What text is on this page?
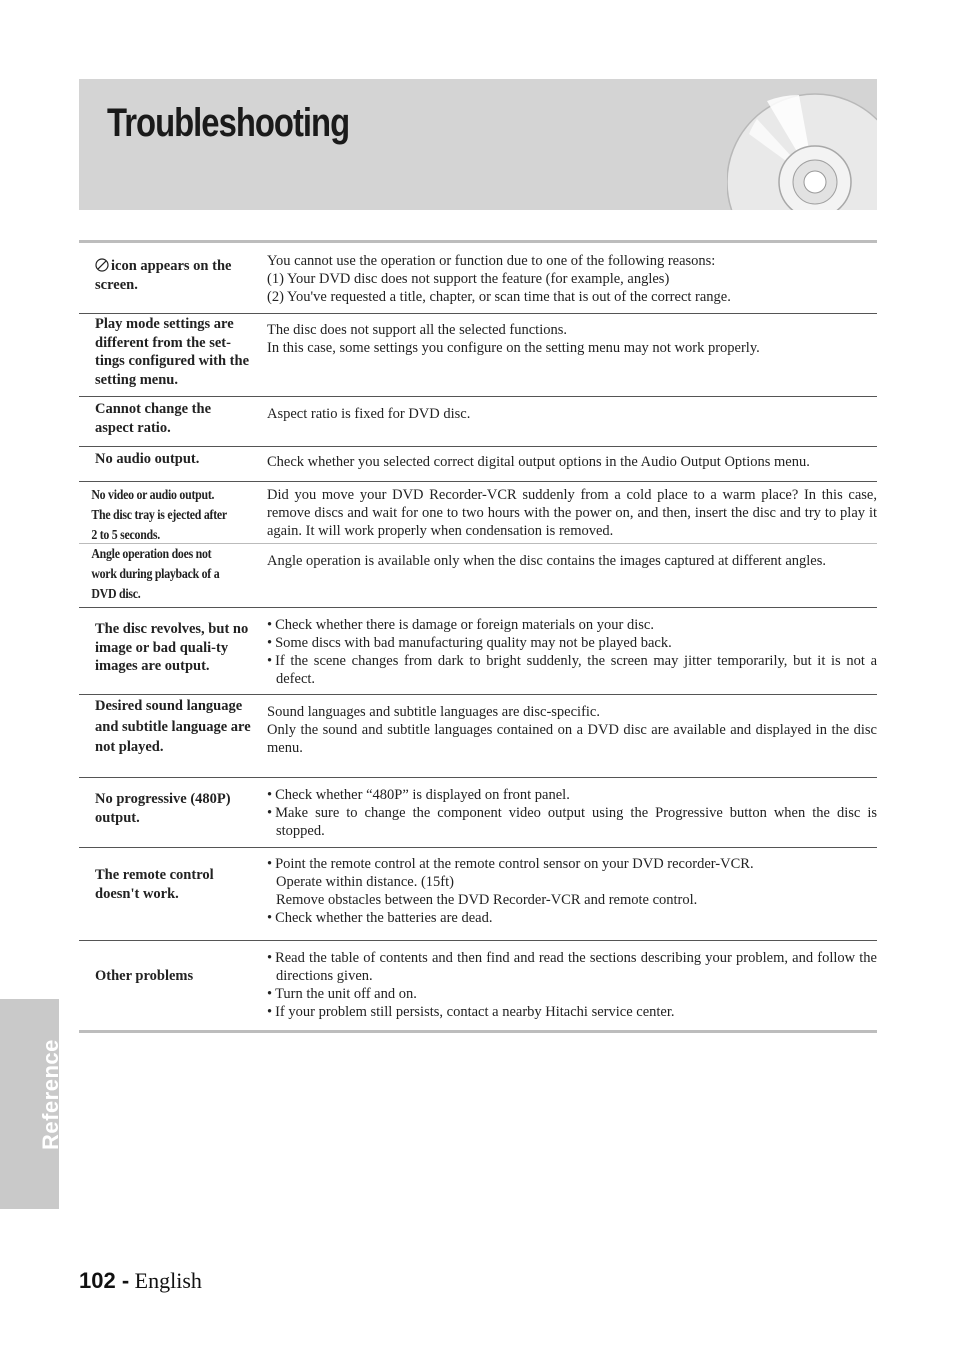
Troubleshooting
icon appears on the screen.

You cannot use the operation or function due to one of the following reasons:

(1) Your DVD disc does not support the feature (for example, angles)

(2) You've requested a title, chapter, or scan time that is out of the correct range.

Play mode settings are different from the set-tings configured with the setting menu.

The disc does not support all the selected functions.

In this case, some settings you configure on the setting menu may not work properly.

Cannot change the aspect ratio.

Aspect ratio is fixed for DVD disc.

No audio output.	Check whether you selected correct digital output options in the Audio Output Options menu.

No video or audio output. The disc tray is ejected after 2 to 5 seconds.

Did you move your DVD Recorder-VCR suddenly from a cold place to a warm place? In this case, remove discs and wait for one to two hours with the power on, and then, insert the disc and try to play it again. It will work properly when condensation is removed.

Angle operation does not work during playback of a DVD disc.

Angle operation is available only when the disc contains the images captured at different angles.

The disc revolves, but no image or bad quali-ty images are output.
• Check whether there is damage or foreign materials on your disc.
• Some discs with bad manufacturing quality may not be played back.
• If the scene changes from dark to bright suddenly, the screen may jitter temporarily, but it is not a defect.
Desired sound language and subtitle language are not played.

Sound languages and subtitle languages are disc-specific.

Only the sound and subtitle languages contained on a DVD disc are available and displayed in the disc menu.

No progressive (480P) output.
• Check whether “480P” is displayed on front panel.
• Make sure to change the component video output using the Progressive button when the disc is stopped.
The remote control doesn't work.
• Point the remote control at the remote control sensor on your DVD recorder-VCR.

Operate within distance. (15ft)

Remove obstacles between the DVD Recorder-VCR and remote control.

• Check whether the batteries are dead.
Other problems
• Read the table of contents and then find and read the sections describing your problem, and follow the directions given.
• Turn the unit off and on.
• If your problem still persists, contact a nearby Hitachi service center.
Reference
102 - English
